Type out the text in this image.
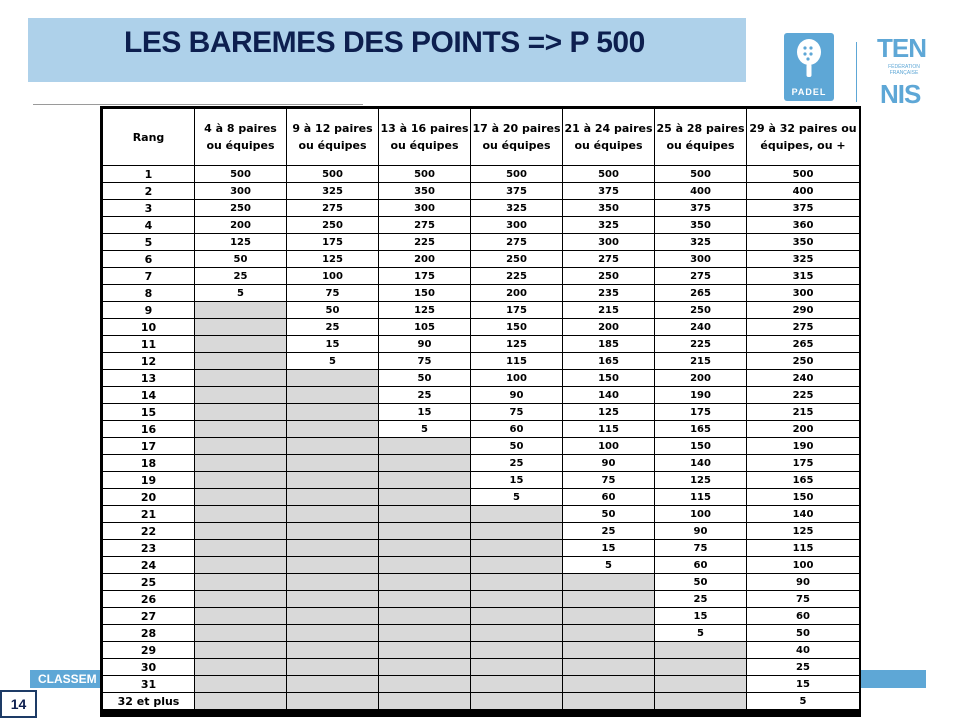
LES BAREMES DES POINTS => P 500
PADEL
TEN
FÉDÉRATION FRANÇAISE
NIS
CLASSEM
14
Rang	4 à 8 paires ou équipes	9 à 12 paires ou équipes	13 à 16 paires ou équipes	17 à 20 paires ou équipes	21 à 24 paires ou équipes	25 à 28 paires ou équipes	29 à 32 paires ou équipes, ou +
1	500	500	500	500	500	500	500
2	300	325	350	375	375	400	400
3	250	275	300	325	350	375	375
4	200	250	275	300	325	350	360
5	125	175	225	275	300	325	350
6	50	125	200	250	275	300	325
7	25	100	175	225	250	275	315
8	5	75	150	200	235	265	300
9		50	125	175	215	250	290
10		25	105	150	200	240	275
11		15	90	125	185	225	265
12		5	75	115	165	215	250
13			50	100	150	200	240
14			25	90	140	190	225
15			15	75	125	175	215
16			5	60	115	165	200
17				50	100	150	190
18				25	90	140	175
19				15	75	125	165
20				5	60	115	150
21					50	100	140
22					25	90	125
23					15	75	115
24					5	60	100
25						50	90
26						25	75
27						15	60
28						5	50
29							40
30							25
31							15
32 et plus							5
